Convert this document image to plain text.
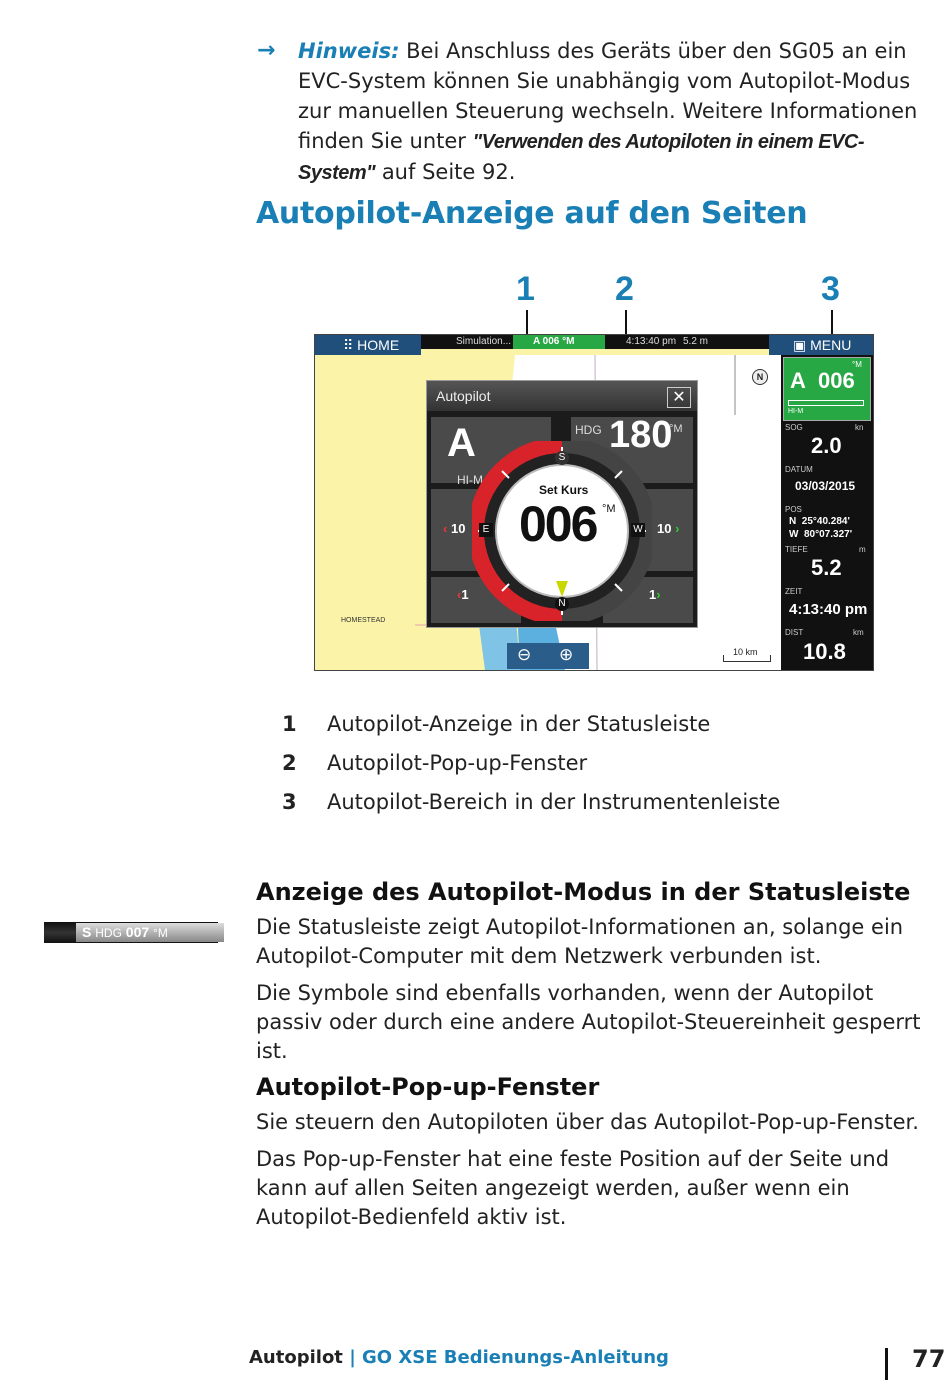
→ Hinweis: Bei Anschluss des Geräts über den SG05 an ein EVC-System können Sie unabhängig vom Autopilot-Modus zur manuellen Steuerung wechseln. Weitere Informationen finden Sie unter "Verwenden des Autopiloten in einem EVC-System" auf Seite 92.
Autopilot-Anzeige auf den Seiten
1 2	3
⠿ HOME	Simulation...	A 006 °M	4:13:40 pm 5.2 m	▣ MENU
N
Autopilot	✕
A
HI-M
HDG 180
°M
‹ 10	10 ›
‹1	1›
S
N
E	W
Set Kurs
006 °M
HOMESTEAD
⊖ ⊕	10 km
A 006
°M
HI-M
SOG	kn
2.0
DATUM
03/03/2015
POS
N  25°40.284'
W  80°07.327'
TIEFE	m
5.2
ZEIT
4:13:40 pm
DIST	km
10.8
1 Autopilot-Anzeige in der Statusleiste
2 Autopilot-Pop-up-Fenster
3 Autopilot-Bereich in der Instrumentenleiste
S HDG 007 °M
Anzeige des Autopilot-Modus in der Statusleiste

Die Statusleiste zeigt Autopilot-Informationen an, solange ein Autopilot-Computer mit dem Netzwerk verbunden ist.

Die Symbole sind ebenfalls vorhanden, wenn der Autopilot passiv oder durch eine andere Autopilot-Steuereinheit gesperrt ist.

Autopilot-Pop-up-Fenster

Sie steuern den Autopiloten über das Autopilot-Pop-up-Fenster.

Das Pop-up-Fenster hat eine feste Position auf der Seite und kann auf allen Seiten angezeigt werden, außer wenn ein Autopilot-Bedienfeld aktiv ist.

Autopilot | GO XSE Bedienungs-Anleitung	77
